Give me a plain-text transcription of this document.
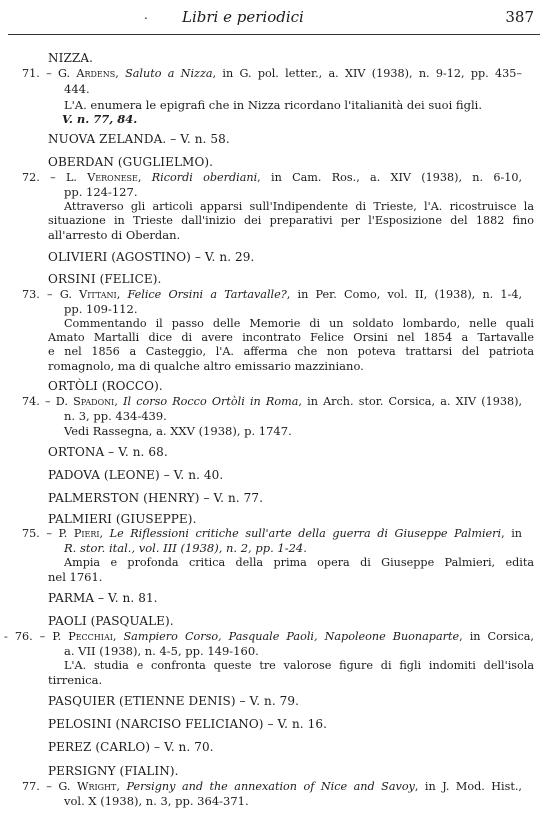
. Libri e periodici	387
NIZZA.
71. – G. Ardens, Saluto a Nizza, in G. pol. letter., a. XIV (1938), n. 9-12, pp. 435–
444.
L'A. enumera le epigrafi che in Nizza ricordano l'italianità dei suoi figli.
V. n. 77, 84.
NUOVA ZELANDA. – V. n. 58.
OBERDAN (GUGLIELMO).
72. – L. Veronese, Ricordi oberdiani, in Cam. Ros., a. XIV (1938), n. 6-10,
pp. 124-127.
Attraverso gli articoli apparsi sull'Indipendente di Trieste, l'A. ricostruisce la
situazione in Trieste dall'inizio dei preparativi per l'Esposizione del 1882 fino
all'arresto di Oberdan.
OLIVIERI (AGOSTINO) – V. n. 29.
ORSINI (FELICE).
73. – G. Vittani, Felice Orsini a Tartavalle?, in Per. Como, vol. II, (1938), n. 1-4,
pp. 109-112.
Commentando il passo delle Memorie di un soldato lombardo, nelle quali
Amato Martalli dice di avere incontrato Felice Orsini nel 1854 a Tartavalle
e nel 1856 a Casteggio, l'A. afferma che non poteva trattarsi del patriota
romagnolo, ma di qualche altro emissario mazziniano.
ORTÒLI (ROCCO).
74. – D. Spadoni, Il corso Rocco Ortòli in Roma, in Arch. stor. Corsica, a. XIV (1938),
n. 3, pp. 434-439.
Vedi Rassegna, a. XXV (1938), p. 1747.
ORTONA – V. n. 68.
PADOVA (LEONE) – V. n. 40.
PALMERSTON (HENRY) – V. n. 77.
PALMIERI (GIUSEPPE).
75. – P. Pieri, Le Riflessioni critiche sull'arte della guerra di Giuseppe Palmieri, in
R. stor. ital., vol. III (1938), n. 2, pp. 1-24.
Ampia e profonda critica della prima opera di Giuseppe Palmieri, edita
nel 1761.
PARMA – V. n. 81.
PAOLI (PASQUALE).
- 76. – P. Pecchiai, Sampiero Corso, Pasquale Paoli, Napoleone Buonaparte, in Corsica,
a. VII (1938), n. 4-5, pp. 149-160.
L'A. studia e confronta queste tre valorose figure di figli indomiti dell'isola
tirrenica.
PASQUIER (ETIENNE DENIS) – V. n. 79.
PELOSINI (NARCISO FELICIANO) – V. n. 16.
PEREZ (CARLO) – V. n. 70.
PERSIGNY (FIALIN).
77. – G. Wright, Persigny and the annexation of Nice and Savoy, in J. Mod. Hist.,
vol. X (1938), n. 3, pp. 364-371.
